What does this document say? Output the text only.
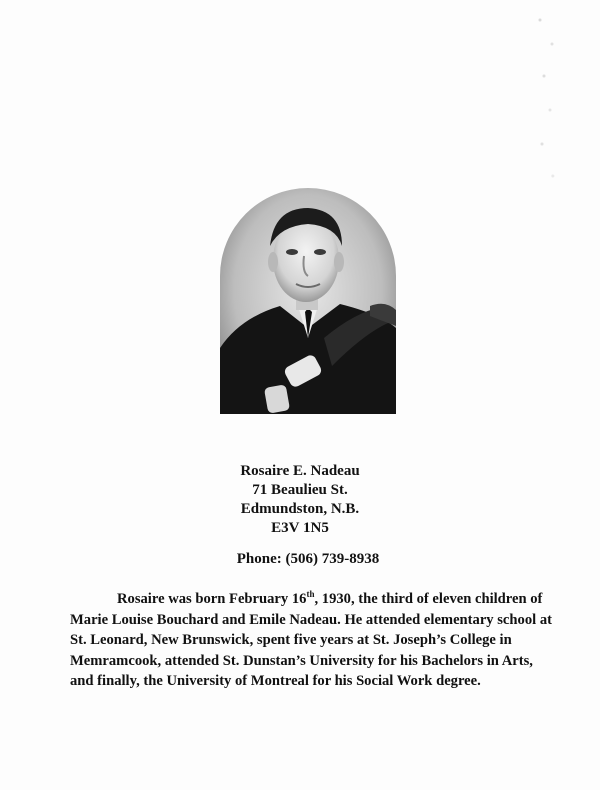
Rosaire E. Nadeau
71 Beaulieu St.
Edmundston, N.B.
E3V 1N5
Phone: (506) 739-8938

Rosaire was born February 16th, 1930, the third of eleven children of Marie Louise Bouchard and Emile Nadeau. He attended elementary school at St. Leonard, New Brunswick, spent five years at St. Joseph’s College in Memramcook, attended St. Dunstan’s University for his Bachelors in Arts, and finally, the University of Montreal for his Social Work degree.
